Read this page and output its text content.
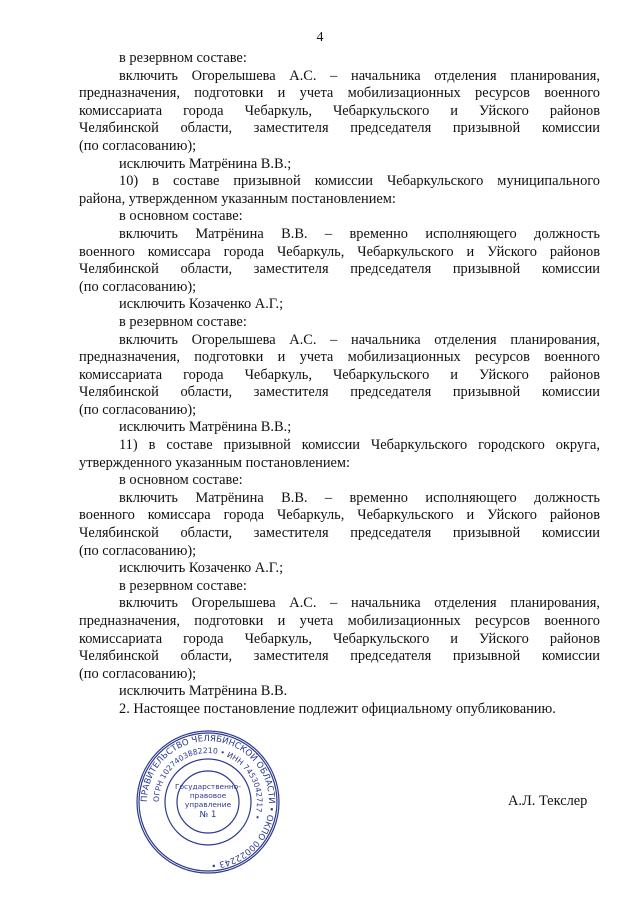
4

в резервном составе:

включить Огорелышева А.С. – начальника отделения планирования,

предназначения, подготовки и учета мобилизационных ресурсов военного

комиссариата города Чебаркуль, Чебаркульского и Уйского районов

Челябинской области, заместителя председателя призывной комиссии

(по согласованию);

исключить Матрёнина В.В.;

10) в составе призывной комиссии Чебаркульского муниципального

района, утвержденном указанным постановлением:

в основном составе:

включить Матрёнина В.В. – временно исполняющего должность

военного комиссара города Чебаркуль, Чебаркульского и Уйского районов

Челябинской области, заместителя председателя призывной комиссии

(по согласованию);

исключить Козаченко А.Г.;

в резервном составе:

включить Огорелышева А.С. – начальника отделения планирования,

предназначения, подготовки и учета мобилизационных ресурсов военного

комиссариата города Чебаркуль, Чебаркульского и Уйского районов

Челябинской области, заместителя председателя призывной комиссии

(по согласованию);

исключить Матрёнина В.В.;

11) в составе призывной комиссии Чебаркульского городского округа,

утвержденного указанным постановлением:

в основном составе:

включить Матрёнина В.В. – временно исполняющего должность

военного комиссара города Чебаркуль, Чебаркульского и Уйского районов

Челябинской области, заместителя председателя призывной комиссии

(по согласованию);

исключить Козаченко А.Г.;

в резервном составе:

включить Огорелышева А.С. – начальника отделения планирования,

предназначения, подготовки и учета мобилизационных ресурсов военного

комиссариата города Чебаркуль, Чебаркульского и Уйского районов

Челябинской области, заместителя председателя призывной комиссии

(по согласованию);

исключить Матрёнина В.В.

2. Настоящее постановление подлежит официальному опубликованию.

ПРАВИТЕЛЬСТВО ЧЕЛЯБИНСКОЙ ОБЛАСТИ • ОКПО 00022243 •
ОГРН 1027403882210 • ИНН 7453042717 •
Государственно-
правовое
управление
№ 1
А.Л. Текслер
